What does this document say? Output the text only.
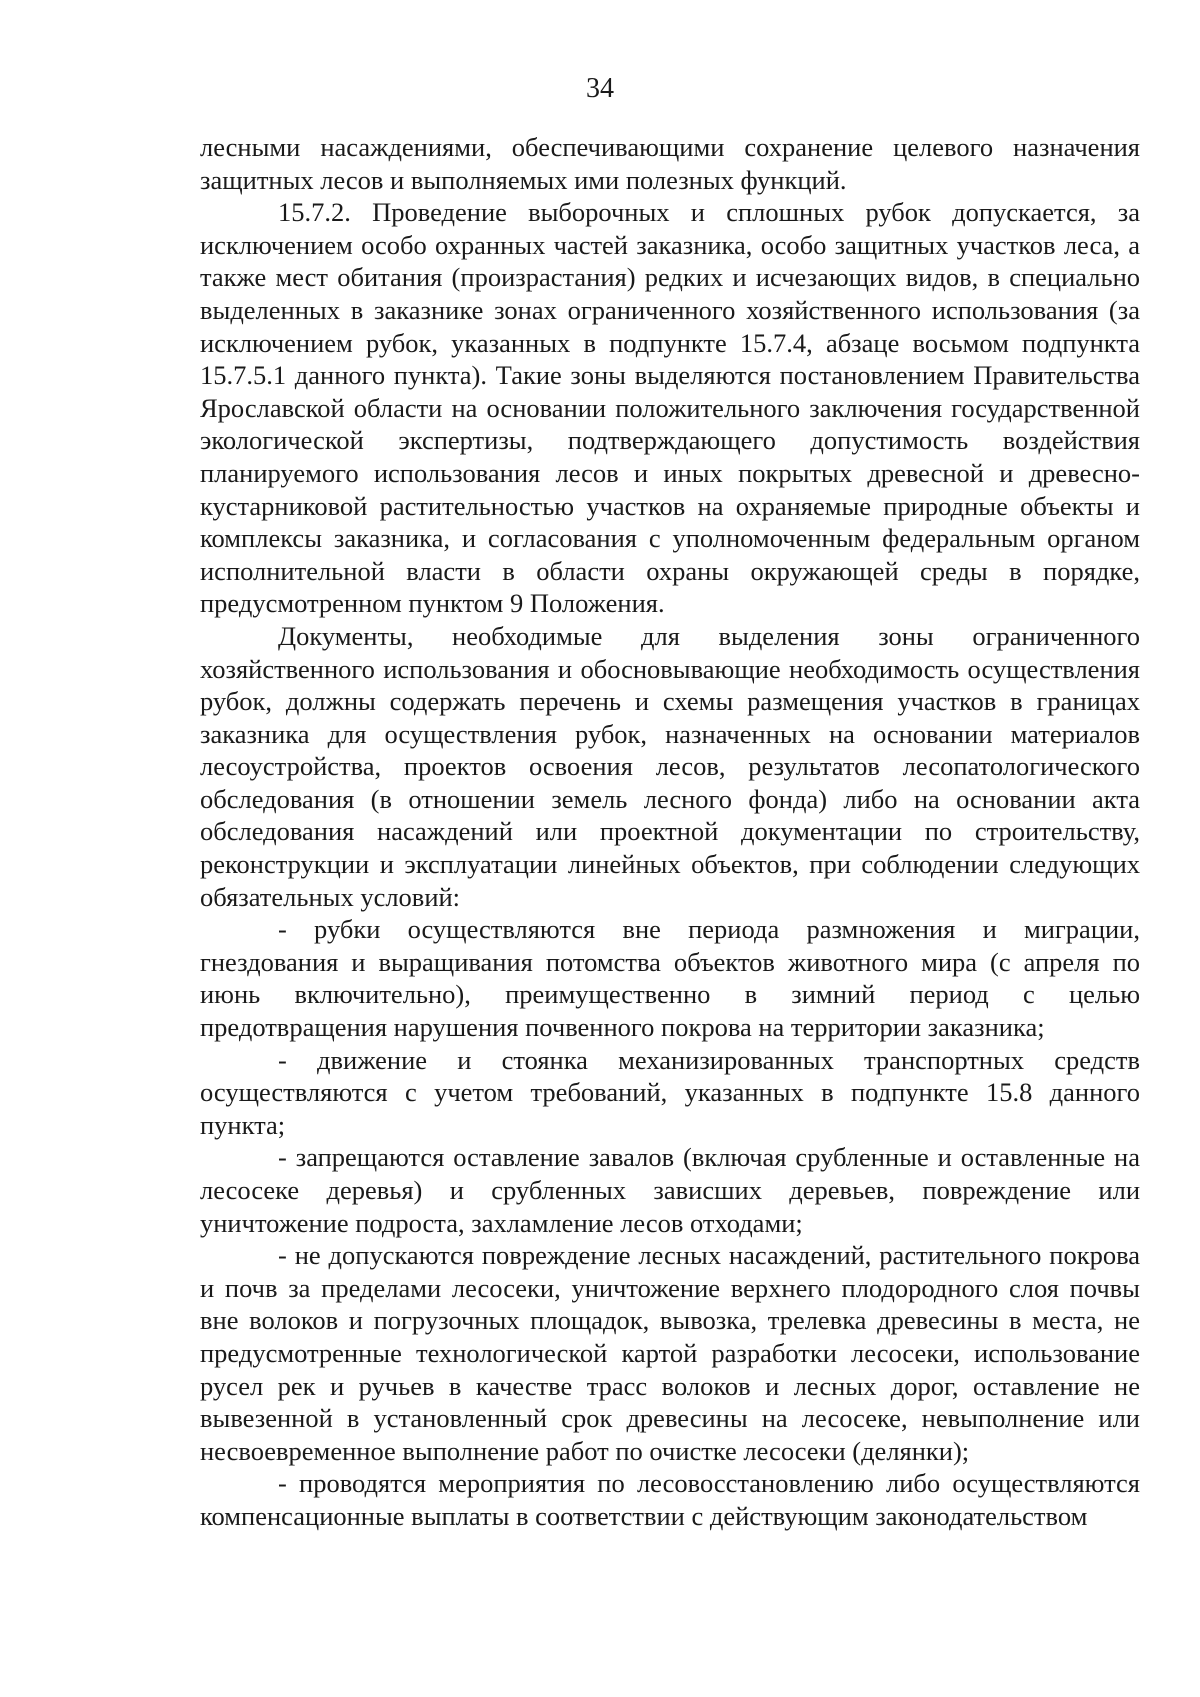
34

лесными насаждениями, обеспечивающими сохранение целевого назначения защитных лесов и выполняемых ими полезных функций.

15.7.2. Проведение выборочных и сплошных рубок допускается, за исключением особо охранных частей заказника, особо защитных участков леса, а также мест обитания (произрастания) редких и исчезающих видов, в специально выделенных в заказнике зонах ограниченного хозяйственного использования (за исключением рубок, указанных в подпункте 15.7.4, абзаце восьмом подпункта 15.7.5.1 данного пункта). Такие зоны выделяются постановлением Правительства Ярославской области на основании положительного заключения государственной экологической экспертизы, подтверждающего допустимость воздействия планируемого использования лесов и иных покрытых древесной и древесно-кустарниковой растительностью участков на охраняемые природные объекты и комплексы заказника, и согласования с уполномоченным федеральным органом исполнительной власти в области охраны окружающей среды в порядке, предусмотренном пунктом 9 Положения.

Документы, необходимые для выделения зоны ограниченного хозяйственного использования и обосновывающие необходимость осуществления рубок, должны содержать перечень и схемы размещения участков в границах заказника для осуществления рубок, назначенных на основании материалов лесоустройства, проектов освоения лесов, результатов лесопатологического обследования (в отношении земель лесного фонда) либо на основании акта обследования насаждений или проектной документации по строительству, реконструкции и эксплуатации линейных объектов, при соблюдении следующих обязательных условий:

- рубки осуществляются вне периода размножения и миграции, гнездования и выращивания потомства объектов животного мира (с апреля по июнь включительно), преимущественно в зимний период с целью предотвращения нарушения почвенного покрова на территории заказника;

- движение и стоянка механизированных транспортных средств осуществляются с учетом требований, указанных в подпункте 15.8 данного пункта;

- запрещаются оставление завалов (включая срубленные и оставленные на лесосеке деревья) и срубленных зависших деревьев, повреждение или уничтожение подроста, захламление лесов отходами;

- не допускаются повреждение лесных насаждений, растительного покрова и почв за пределами лесосеки, уничтожение верхнего плодородного слоя почвы вне волоков и погрузочных площадок, вывозка, трелевка древесины в места, не предусмотренные технологической картой разработки лесосеки, использование русел рек и ручьев в качестве трасс волоков и лесных дорог, оставление не вывезенной в установленный срок древесины на лесосеке, невыполнение или несвоевременное выполнение работ по очистке лесосеки (делянки);

- проводятся мероприятия по лесовосстановлению либо осуществляются компенсационные выплаты в соответствии с действующим законодательством
